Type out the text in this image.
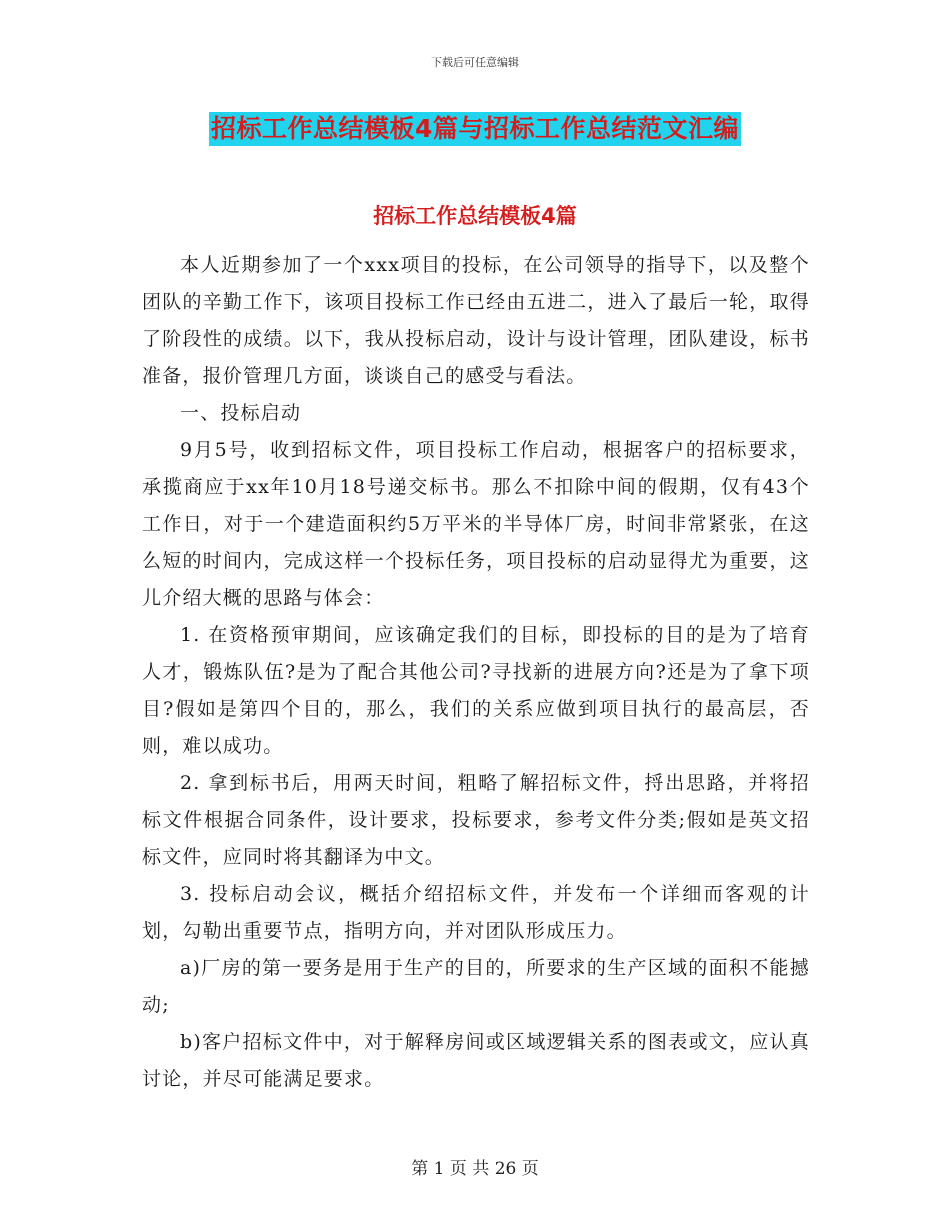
下载后可任意编辑
招标工作总结模板4篇与招标工作总结范文汇编
招标工作总结模板4篇

本人近期参加了一个xxx项目的投标，在公司领导的指导下，以及整个团队的辛勤工作下，该项目投标工作已经由五进二，进入了最后一轮，取得了阶段性的成绩。以下，我从投标启动，设计与设计管理，团队建设，标书准备，报价管理几方面，谈谈自己的感受与看法。

一、投标启动

9月5号，收到招标文件，项目投标工作启动，根据客户的招标要求，承揽商应于xx年10月18号递交标书。那么不扣除中间的假期，仅有43个工作日，对于一个建造面积约5万平米的半导体厂房，时间非常紧张，在这么短的时间内，完成这样一个投标任务，项目投标的启动显得尤为重要，这儿介绍大概的思路与体会：

1. 在资格预审期间，应该确定我们的目标，即投标的目的是为了培育人才，锻炼队伍?是为了配合其他公司?寻找新的进展方向?还是为了拿下项目?假如是第四个目的，那么，我们的关系应做到项目执行的最高层，否则，难以成功。

2. 拿到标书后，用两天时间，粗略了解招标文件，捋出思路，并将招标文件根据合同条件，设计要求，投标要求，参考文件分类;假如是英文招标文件，应同时将其翻译为中文。

3. 投标启动会议，概括介绍招标文件，并发布一个详细而客观的计划，勾勒出重要节点，指明方向，并对团队形成压力。

a)厂房的第一要务是用于生产的目的，所要求的生产区域的面积不能撼动;

b)客户招标文件中，对于解释房间或区域逻辑关系的图表或文，应认真讨论，并尽可能满足要求。

第 1 页 共 26 页
